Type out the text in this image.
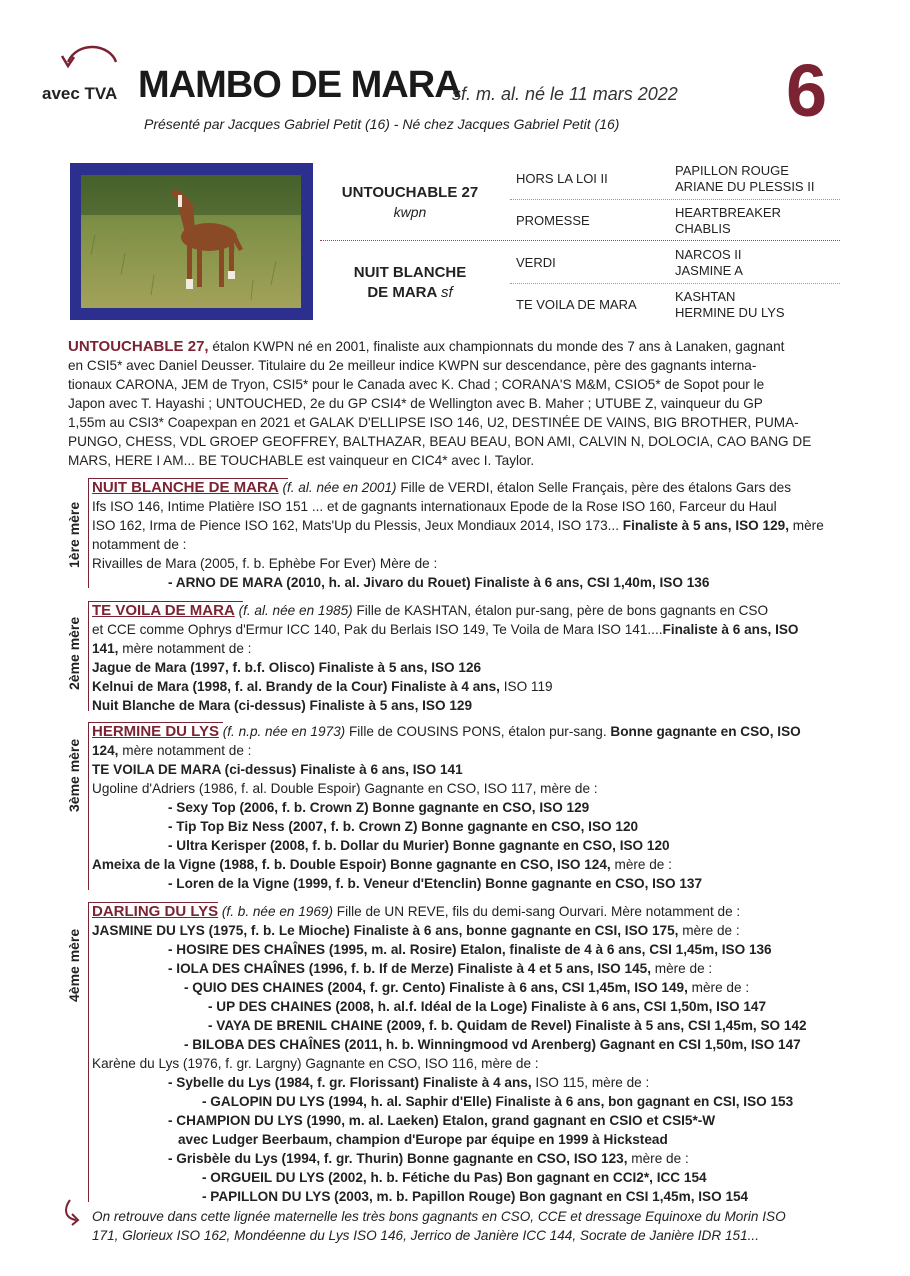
avec TVA MAMBO DE MARA
sf. m. al. né le 11 mars 2022 6
Présenté par Jacques Gabriel Petit (16) - Né chez Jacques Gabriel Petit (16)
UNTOUCHABLE 27
kwpn
NUIT BLANCHE
DE MARA sf
HORS LA LOI II
PROMESSE
VERDI
TE VOILA DE MARA
PAPILLON ROUGE
ARIANE DU PLESSIS II
HEARTBREAKER
CHABLIS
NARCOS II
JASMINE A
KASHTAN
HERMINE DU LYS
UNTOUCHABLE 27, étalon KWPN né en 2001, finaliste aux championnats du monde des 7 ans à Lanaken, gagnant
en CSI5* avec Daniel Deusser. Titulaire du 2e meilleur indice KWPN sur descendance, père des gagnants interna-
tionaux CARONA, JEM de Tryon, CSI5* pour le Canada avec K. Chad ; CORANA'S M&M, CSIO5* de Sopot pour le
Japon avec T. Hayashi ; UNTOUCHED, 2e du GP CSI4* de Wellington avec B. Maher ; UTUBE Z, vainqueur du GP
1,55m au CSI3* Coapexpan en 2021 et GALAK D'ELLIPSE ISO 146, U2, DESTINÉE DE VAINS, BIG BROTHER, PUMA-
PUNGO, CHESS, VDL GROEP GEOFFREY, BALTHAZAR, BEAU BEAU, BON AMI, CALVIN N, DOLOCIA, CAO BANG DE
MARS, HERE I AM... BE TOUCHABLE est vainqueur en CIC4* avec I. Taylor.
1ère mère
NUIT BLANCHE DE MARA (f. al. née en 2001) Fille de VERDI, étalon Selle Français, père des étalons Gars des
Ifs ISO 146, Intime Platière ISO 151 ... et de gagnants internationaux Epode de la Rose ISO 160, Farceur du Haul
ISO 162, Irma de Pience ISO 162, Mats'Up du Plessis, Jeux Mondiaux 2014, ISO 173... Finaliste à 5 ans, ISO 129, mère
notamment de :
Rivailles de Mara (2005, f. b. Ephèbe For Ever) Mère de :
- ARNO DE MARA (2010, h. al. Jivaro du Rouet) Finaliste à 6 ans, CSI 1,40m, ISO 136
2ème mère
TE VOILA DE MARA (f. al. née en 1985) Fille de KASHTAN, étalon pur-sang, père de bons gagnants en CSO
et CCE comme Ophrys d'Ermur ICC 140, Pak du Berlais ISO 149, Te Voila de Mara ISO 141....Finaliste à 6 ans, ISO
141, mère notamment de :
Jague de Mara (1997, f. b.f. Olisco) Finaliste à 5 ans, ISO 126
Kelnui de Mara (1998, f. al. Brandy de la Cour) Finaliste à 4 ans, ISO 119
Nuit Blanche de Mara (ci-dessus) Finaliste à 5 ans, ISO 129
3ème mère
HERMINE DU LYS (f. n.p. née en 1973) Fille de COUSINS PONS, étalon pur-sang. Bonne gagnante en CSO, ISO
124, mère notamment de :
TE VOILA DE MARA (ci-dessus) Finaliste à 6 ans, ISO 141
Ugoline d'Adriers (1986, f. al. Double Espoir) Gagnante en CSO, ISO 117, mère de :
- Sexy Top (2006, f. b. Crown Z) Bonne gagnante en CSO, ISO 129
- Tip Top Biz Ness (2007, f. b. Crown Z) Bonne gagnante en CSO, ISO 120
- Ultra Kerisper (2008, f. b. Dollar du Murier) Bonne gagnante en CSO, ISO 120
Ameixa de la Vigne (1988, f. b. Double Espoir) Bonne gagnante en CSO, ISO 124, mère de :
- Loren de la Vigne (1999, f. b. Veneur d'Etenclin) Bonne gagnante en CSO, ISO 137
4ème mère
DARLING DU LYS (f. b. née en 1969) Fille de UN REVE, fils du demi-sang Ourvari. Mère notamment de :
JASMINE DU LYS (1975, f. b. Le Mioche) Finaliste à 6 ans, bonne gagnante en CSI, ISO 175, mère de :
- HOSIRE DES CHAÎNES (1995, m. al. Rosire) Etalon, finaliste de 4 à 6 ans, CSI 1,45m, ISO 136
- IOLA DES CHAÎNES (1996, f. b. If de Merze) Finaliste à 4 et 5 ans, ISO 145, mère de :
- QUIO DES CHAINES (2004, f. gr. Cento) Finaliste à 6 ans, CSI 1,45m, ISO 149, mère de :
- UP DES CHAINES (2008, h. al.f. Idéal de la Loge) Finaliste à 6 ans, CSI 1,50m, ISO 147
- VAYA DE BRENIL CHAINE (2009, f. b. Quidam de Revel) Finaliste à 5 ans, CSI 1,45m, SO 142
- BILOBA DES CHAÎNES (2011, h. b. Winningmood vd Arenberg) Gagnant en CSI 1,50m, ISO 147
Karène du Lys (1976, f. gr. Largny) Gagnante en CSO, ISO 116, mère de :
- Sybelle du Lys (1984, f. gr. Florissant) Finaliste à 4 ans, ISO 115, mère de :
- GALOPIN DU LYS (1994, h. al. Saphir d'Elle) Finaliste à 6 ans, bon gagnant en CSI, ISO 153
- CHAMPION DU LYS (1990, m. al. Laeken) Etalon, grand gagnant en CSIO et CSI5*-W
avec Ludger Beerbaum, champion d'Europe par équipe en 1999 à Hickstead
- Grisbèle du Lys (1994, f. gr. Thurin) Bonne gagnante en CSO, ISO 123, mère de :
- ORGUEIL DU LYS (2002, h. b. Fétiche du Pas) Bon gagnant en CCI2*, ICC 154
- PAPILLON DU LYS (2003, m. b. Papillon Rouge) Bon gagnant en CSI 1,45m, ISO 154
On retrouve dans cette lignée maternelle les très bons gagnants en CSO, CCE et dressage Equinoxe du Morin ISO
171, Glorieux ISO 162, Mondéenne du Lys ISO 146, Jerrico de Janière ICC 144, Socrate de Janière IDR 151...
